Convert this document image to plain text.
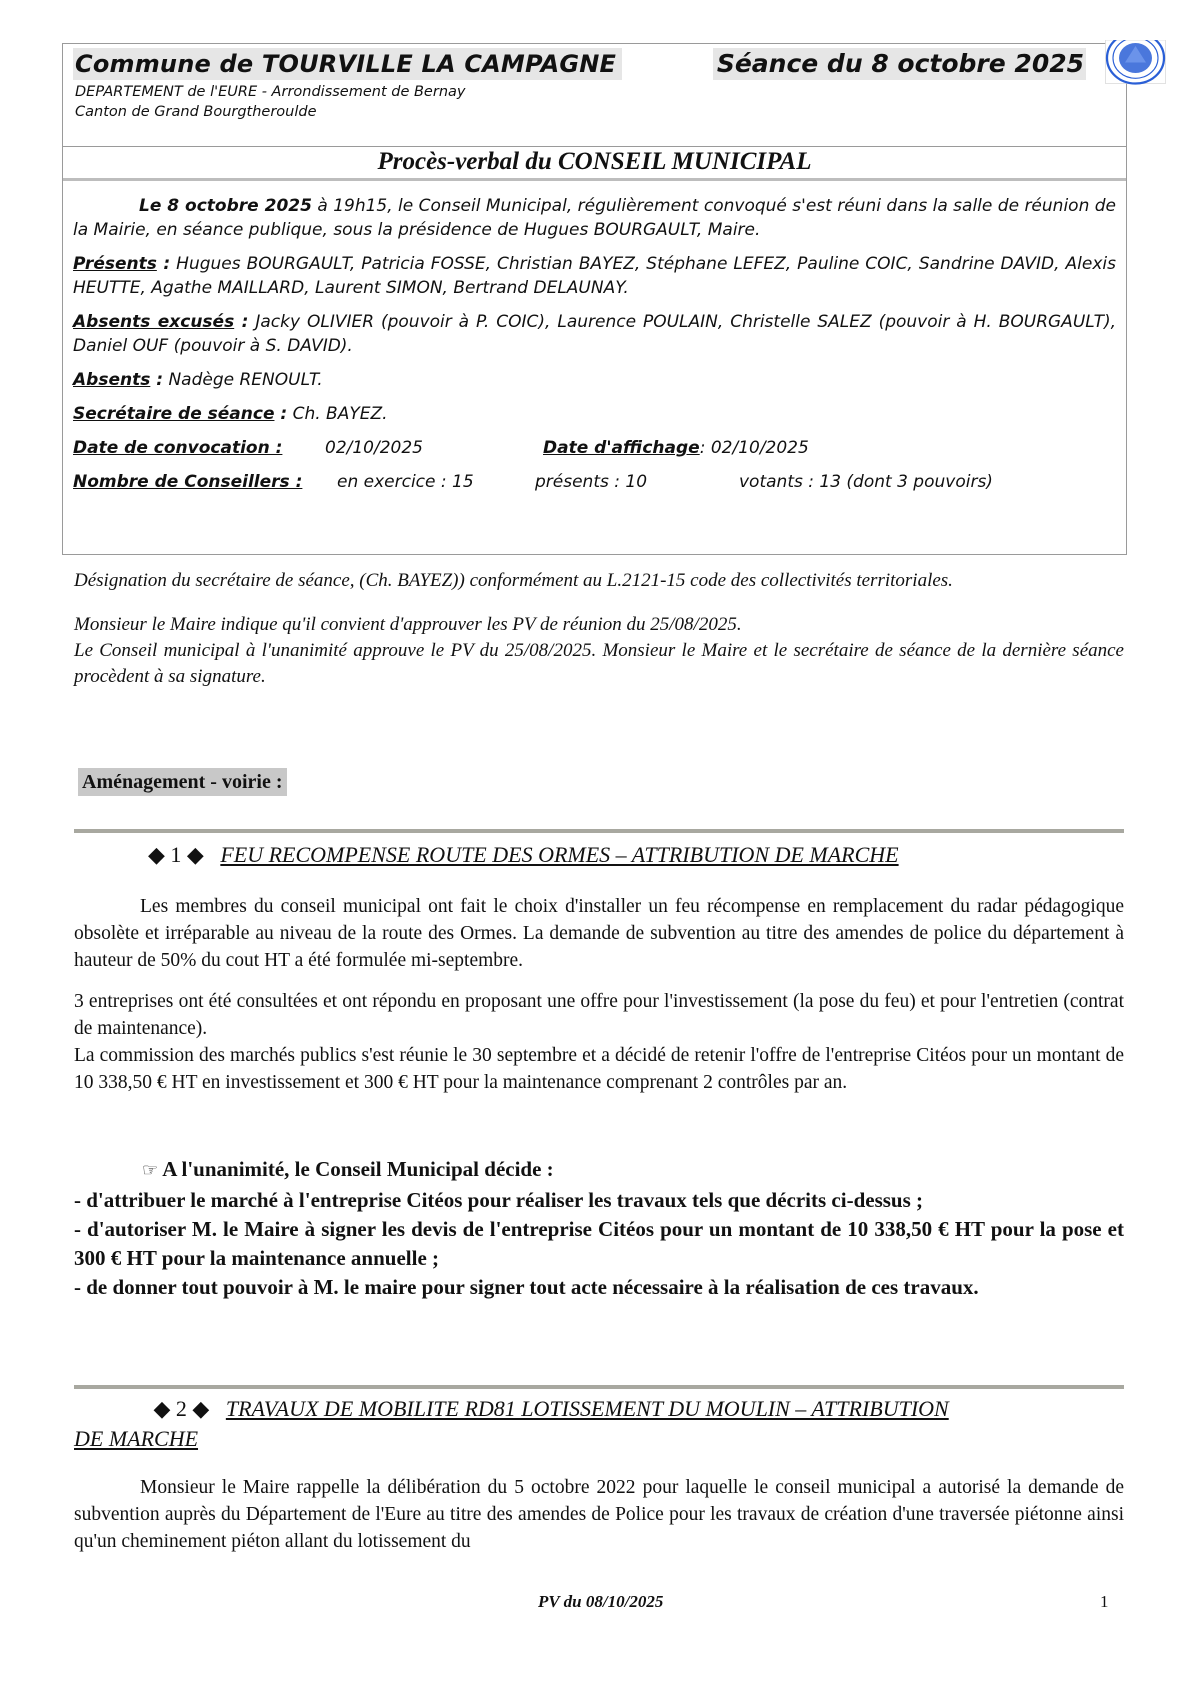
Commune de TOURVILLE LA CAMPAGNE
DEPARTEMENT de l'EURE - Arrondissement de Bernay
Canton de Grand Bourgtheroulde
Séance du 8 octobre 2025
Procès-verbal du CONSEIL MUNICIPAL

Le 8 octobre 2025 à 19h15, le Conseil Municipal, régulièrement convoqué s'est réuni dans la salle de réunion de la Mairie, en séance publique, sous la présidence de Hugues BOURGAULT, Maire.

Présents : Hugues BOURGAULT, Patricia FOSSE, Christian BAYEZ, Stéphane LEFEZ, Pauline COIC, Sandrine DAVID, Alexis HEUTTE, Agathe MAILLARD, Laurent SIMON, Bertrand DELAUNAY.

Absents excusés : Jacky OLIVIER (pouvoir à P. COIC), Laurence POULAIN, Christelle SALEZ (pouvoir à H. BOURGAULT), Daniel OUF (pouvoir à S. DAVID).

Absents : Nadège RENOULT.

Secrétaire de séance : Ch. BAYEZ.

Date de convocation :	02/10/2025	Date d'affichage : 02/10/2025
Nombre de Conseillers :	en exercice : 15	présents : 10	votants : 13 (dont 3 pouvoirs)

Désignation du secrétaire de séance, (Ch. BAYEZ)) conformément au L.2121-15 code des collectivités territoriales.

Monsieur le Maire indique qu'il convient d'approuver les PV de réunion du 25/08/2025.

Le Conseil municipal à l'unanimité approuve le PV du 25/08/2025. Monsieur le Maire et le secrétaire de séance de la dernière séance procèdent à sa signature.

Aménagement - voirie :
◆ 1 ◆ FEU RECOMPENSE ROUTE DES ORMES – ATTRIBUTION DE MARCHE

Les membres du conseil municipal ont fait le choix d'installer un feu récompense en remplacement du radar pédagogique obsolète et irréparable au niveau de la route des Ormes. La demande de subvention au titre des amendes de police du département à hauteur de 50% du cout HT a été formulée mi-septembre.

3 entreprises ont été consultées et ont répondu en proposant une offre pour l'investissement (la pose du feu) et pour l'entretien (contrat de maintenance).

La commission des marchés publics s'est réunie le 30 septembre et a décidé de retenir l'offre de l'entreprise Citéos pour un montant de 10 338,50 € HT en investissement et 300 € HT pour la maintenance comprenant 2 contrôles par an.

☞ A l'unanimité, le Conseil Municipal décide :

- d'attribuer le marché à l'entreprise Citéos pour réaliser les travaux tels que décrits ci-dessus ;

- d'autoriser M. le Maire à signer les devis de l'entreprise Citéos pour un montant de 10 338,50 € HT pour la pose et 300 € HT pour la maintenance annuelle ;

- de donner tout pouvoir à M. le maire pour signer tout acte nécessaire à la réalisation de ces travaux.

◆ 2 ◆ TRAVAUX DE MOBILITE RD81 LOTISSEMENT DU MOULIN – ATTRIBUTION
DE MARCHE

Monsieur le Maire rappelle la délibération du 5 octobre 2022 pour laquelle le conseil municipal a autorisé la demande de subvention auprès du Département de l'Eure au titre des amendes de Police pour les travaux de création d'une traversée piétonne ainsi qu'un cheminement piéton allant du lotissement du

PV du 08/10/2025	1
